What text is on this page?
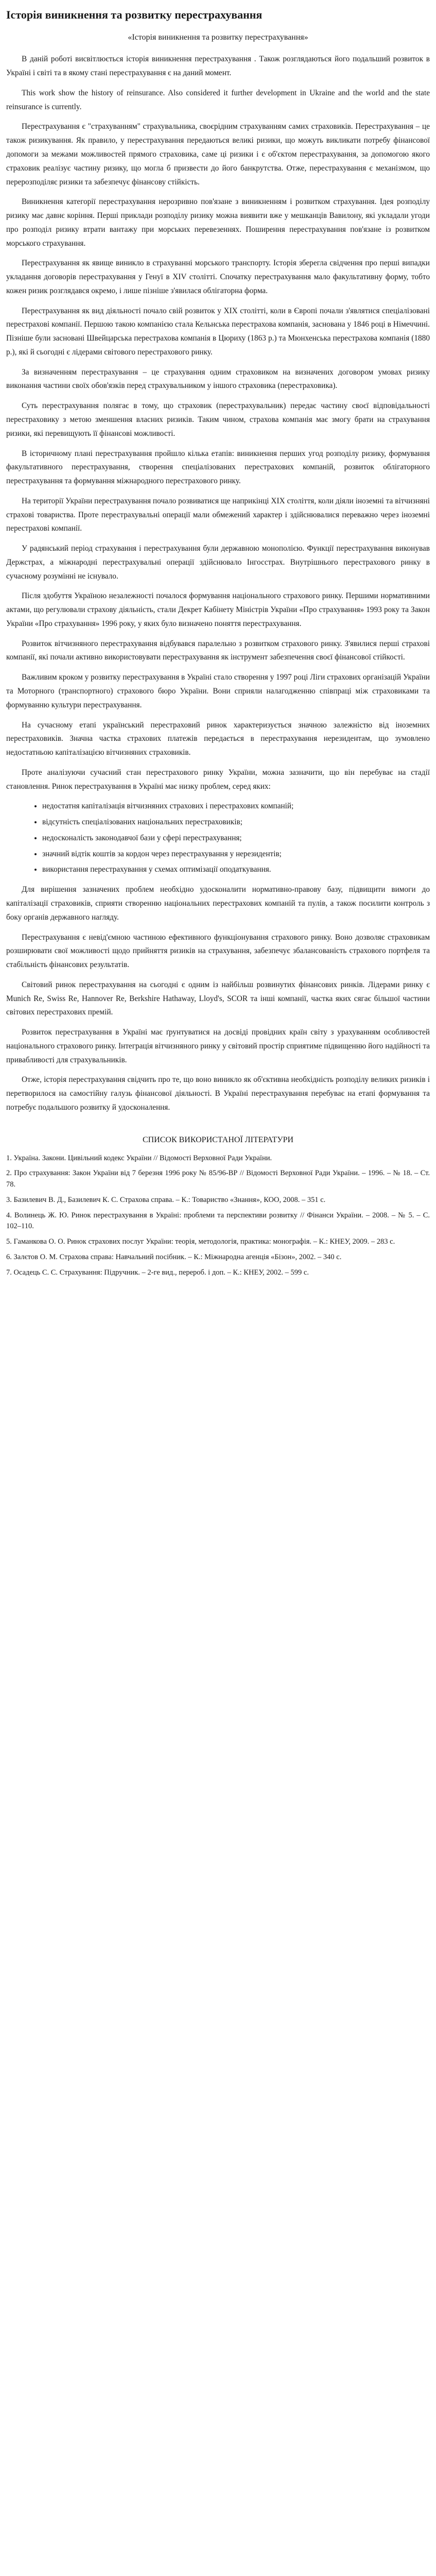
Історія виникнення та розвитку перестрахування
«Історія виникнення та розвитку перестрахування»

В даній роботі висвітлюється історія виникнення перестрахування . Також розглядаються його подальший розвиток в Україні і світі та в якому стані перестрахування є на даний момент.

This work show the history of reinsurance. Also considered it further development in Ukraine and the world and the state reinsurance is currently.

Перестрахування є "страхуванням" страхувальника, своєрідним страхуванням самих страховиків. Перестрахування – це також ризикування. Як правило, у перестрахування передаються великі ризики, що можуть викликати потребу фінансової допомоги за межами можливостей прямого страховика, саме ці ризики і є об'єктом перестрахування, за допомогою якого страховик реалізує частину ризику, що могла б призвести до його банкрутства. Отже, перестрахування є механізмом, що перерозподіляє ризики та забезпечує фінансову стійкість.

Виникнення категорії перестрахування нерозривно пов'язане з виникненням і розвитком страхування. Ідея розподілу ризику має давнє коріння. Перші приклади розподілу ризику можна виявити вже у мешканців Вавилону, які укладали угоди про розподіл ризику втрати вантажу при морських перевезеннях. Поширення перестрахування пов'язане із розвитком морського страхування.

Перестрахування як явище виникло в страхуванні морського транспорту. Історія зберегла свідчення про перші випадки укладання договорів перестрахування у Генуї в XIV столітті. Спочатку перестрахування мало факультативну форму, тобто кожен ризик розглядався окремо, і лише пізніше з'явилася облігаторна форма.

Перестрахування як вид діяльності почало свій розвиток у XIX столітті, коли в Європі почали з'являтися спеціалізовані перестрахові компанії. Першою такою компанією стала Кельнська перестрахова компанія, заснована у 1846 році в Німеччині. Пізніше були засновані Швейцарська перестрахова компанія в Цюриху (1863 р.) та Мюнхенська перестрахова компанія (1880 р.), які й сьогодні є лідерами світового перестрахового ринку.

За визначенням перестрахування – це страхування одним страховиком на визначених договором умовах ризику виконання частини своїх обов'язків перед страхувальником у іншого страховика (перестраховика).

Суть перестрахування полягає в тому, що страховик (перестрахувальник) передає частину своєї відповідальності перестраховику з метою зменшення власних ризиків. Таким чином, страхова компанія має змогу брати на страхування ризики, які перевищують її фінансові можливості.

В історичному плані перестрахування пройшло кілька етапів: виникнення перших угод розподілу ризику, формування факультативного перестрахування, створення спеціалізованих перестрахових компаній, розвиток облігаторного перестрахування та формування міжнародного перестрахового ринку.

На території України перестрахування почало розвиватися ще наприкінці XIX століття, коли діяли іноземні та вітчизняні страхові товариства. Проте перестрахувальні операції мали обмежений характер і здійснювалися переважно через іноземні перестрахові компанії.

У радянський період страхування і перестрахування були державною монополією. Функції перестрахування виконував Держстрах, а міжнародні перестрахувальні операції здійснювало Інгосстрах. Внутрішнього перестрахового ринку в сучасному розумінні не існувало.

Після здобуття Україною незалежності почалося формування національного страхового ринку. Першими нормативними актами, що регулювали страхову діяльність, стали Декрет Кабінету Міністрів України «Про страхування» 1993 року та Закон України «Про страхування» 1996 року, у яких було визначено поняття перестрахування.

Розвиток вітчизняного перестрахування відбувався паралельно з розвитком страхового ринку. З'явилися перші страхові компанії, які почали активно використовувати перестрахування як інструмент забезпечення своєї фінансової стійкості.

Важливим кроком у розвитку перестрахування в Україні стало створення у 1997 році Ліги страхових організацій України та Моторного (транспортного) страхового бюро України. Вони сприяли налагодженню співпраці між страховиками та формуванню культури перестрахування.

На сучасному етапі український перестраховий ринок характеризується значною залежністю від іноземних перестраховиків. Значна частка страхових платежів передається в перестрахування нерезидентам, що зумовлено недостатньою капіталізацією вітчизняних страховиків.

Проте аналізуючи сучасний стан перестрахового ринку України, можна зазначити, що він перебуває на стадії становлення. Ринок перестрахування в Україні має низку проблем, серед яких:

• недостатня капіталізація вітчизняних страхових і перестрахових компаній;
• відсутність спеціалізованих національних перестраховиків;
• недосконалість законодавчої бази у сфері перестрахування;
• значний відтік коштів за кордон через перестрахування у нерезидентів;
• використання перестрахування у схемах оптимізації оподаткування.

Для вирішення зазначених проблем необхідно удосконалити нормативно-правову базу, підвищити вимоги до капіталізації страховиків, сприяти створенню національних перестрахових компаній та пулів, а також посилити контроль з боку органів державного нагляду.

Перестрахування є невід'ємною частиною ефективного функціонування страхового ринку. Воно дозволяє страховикам розширювати свої можливості щодо прийняття ризиків на страхування, забезпечує збалансованість страхового портфеля та стабільність фінансових результатів.

Світовий ринок перестрахування на сьогодні є одним із найбільш розвинутих фінансових ринків. Лідерами ринку є Munich Re, Swiss Re, Hannover Re, Berkshire Hathaway, Lloyd's, SCOR та інші компанії, частка яких сягає більшої частини світових перестрахових премій.

Розвиток перестрахування в Україні має ґрунтуватися на досвіді провідних країн світу з урахуванням особливостей національного страхового ринку. Інтеграція вітчизняного ринку у світовий простір сприятиме підвищенню його надійності та привабливості для страхувальників.

Отже, історія перестрахування свідчить про те, що воно виникло як об'єктивна необхідність розподілу великих ризиків і перетворилося на самостійну галузь фінансової діяльності. В Україні перестрахування перебуває на етапі формування та потребує подальшого розвитку й удосконалення.

СПИСОК ВИКОРИСТАНОЇ ЛІТЕРАТУРИ

1. Україна. Закони. Цивільний кодекс України // Відомості Верховної Ради України.

2. Про страхування: Закон України від 7 березня 1996 року № 85/96-ВР // Відомості Верховної Ради України. – 1996. – № 18. – Ст. 78.

3. Базилевич В. Д., Базилевич К. С. Страхова справа. – К.: Товариство «Знання», КОО, 2008. – 351 с.

4. Волинець Ж. Ю. Ринок перестрахування в Україні: проблеми та перспективи розвитку // Фінанси України. – 2008. – № 5. – С. 102–110.

5. Гаманкова О. О. Ринок страхових послуг України: теорія, методологія, практика: монографія. – К.: КНЕУ, 2009. – 283 с.

6. Залєтов О. М. Страхова справа: Навчальний посібник. – К.: Міжнародна агенція «Бізон», 2002. – 340 с.

7. Осадець С. С. Страхування: Підручник. – 2-ге вид., перероб. і доп. – К.: КНЕУ, 2002. – 599 с.
